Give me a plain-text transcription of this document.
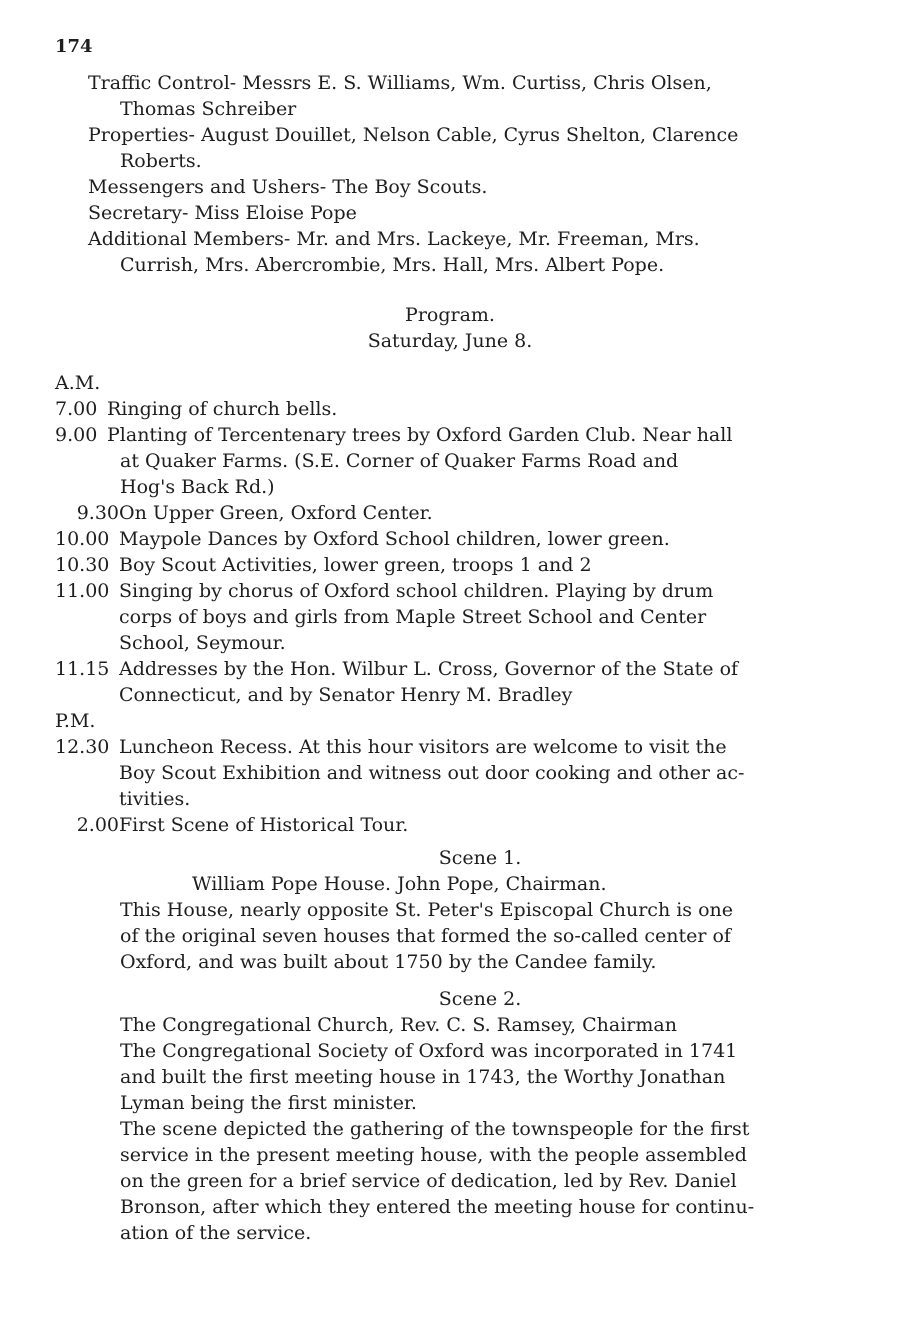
174
Traffic Control- Messrs E. S. Williams, Wm. Curtiss, Chris Olsen,
Thomas Schreiber
Properties- August Douillet, Nelson Cable, Cyrus Shelton, Clarence
Roberts.
Messengers and Ushers- The Boy Scouts.
Secretary- Miss Eloise Pope
Additional Members- Mr. and Mrs. Lackeye, Mr. Freeman, Mrs.
Currish, Mrs. Abercrombie, Mrs. Hall, Mrs. Albert Pope.
Program.
Saturday, June 8.
A.M.
7.00 Ringing of church bells.
9.00 Planting of Tercentenary trees by Oxford Garden Club. Near hall
at Quaker Farms. (S.E. Corner of Quaker Farms Road and
Hog's Back Rd.)
9.30 On Upper Green, Oxford Center.
10.00 Maypole Dances by Oxford School children, lower green.
10.30 Boy Scout Activities, lower green, troops 1 and 2
11.00 Singing by chorus of Oxford school children. Playing by drum
corps of boys and girls from Maple Street School and Center
School, Seymour.
11.15 Addresses by the Hon. Wilbur L. Cross, Governor of the State of
Connecticut, and by Senator Henry M. Bradley
P.M.
12.30 Luncheon Recess. At this hour visitors are welcome to visit the
Boy Scout Exhibition and witness out door cooking and other ac-
tivities.
2.00 First Scene of Historical Tour.
Scene 1.
William Pope House. John Pope, Chairman.
This House, nearly opposite St. Peter's Episcopal Church is one
of the original seven houses that formed the so-called center of
Oxford, and was built about 1750 by the Candee family.
Scene 2.
The Congregational Church, Rev. C. S. Ramsey, Chairman
The Congregational Society of Oxford was incorporated in 1741
and built the first meeting house in 1743, the Worthy Jonathan
Lyman being the first minister.
The scene depicted the gathering of the townspeople for the first
service in the present meeting house, with the people assembled
on the green for a brief service of dedication, led by Rev. Daniel
Bronson, after which they entered the meeting house for continu-
ation of the service.
